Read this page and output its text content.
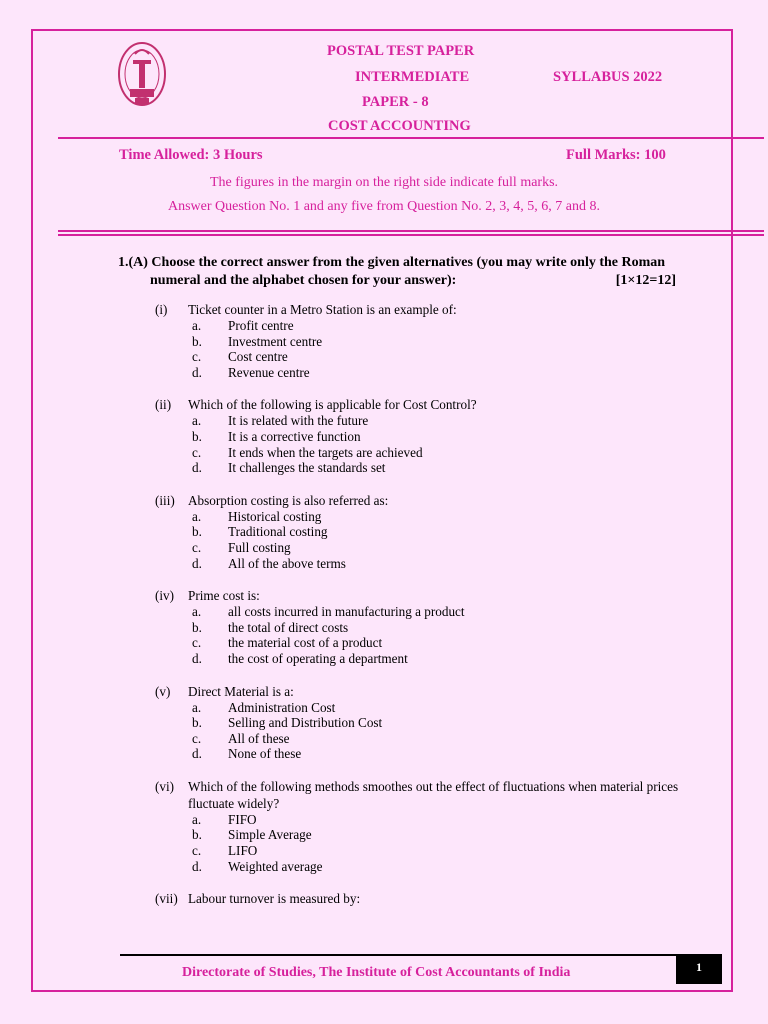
POSTAL TEST PAPER
INTERMEDIATE	SYLLABUS 2022
PAPER - 8
COST ACCOUNTING
Time Allowed: 3 Hours	Full Marks: 100
The figures in the margin on the right side indicate full marks.
Answer Question No. 1 and any five from Question No. 2, 3, 4, 5, 6, 7 and 8.
1.(A) Choose the correct answer from the given alternatives (you may write only the Roman
numeral and the alphabet chosen for your answer):	[1×12=12]
(i)	Ticket counter in a Metro Station is an example of:
a.	Profit centre
b.	Investment centre
c.	Cost centre
d.	Revenue centre
(ii)	Which of the following is applicable for Cost Control?
a.	It is related with the future
b.	It is a corrective function
c.	It ends when the targets are achieved
d.	It challenges the standards set
(iii)	Absorption costing is also referred as:
a.	Historical costing
b.	Traditional costing
c.	Full costing
d.	All of the above terms
(iv)	Prime cost is:
a.	all costs incurred in manufacturing a product
b.	the total of direct costs
c.	the material cost of a product
d.	the cost of operating a department
(v)	Direct Material is a:
a.	Administration Cost
b.	Selling and Distribution Cost
c.	All of these
d.	None of these
(vi)	Which of the following methods smoothes out the effect of fluctuations when material prices fluctuate widely?
a.	FIFO
b.	Simple Average
c.	LIFO
d.	Weighted average
(vii) Labour turnover is measured by:
Directorate of Studies, The Institute of Cost Accountants of India	1
